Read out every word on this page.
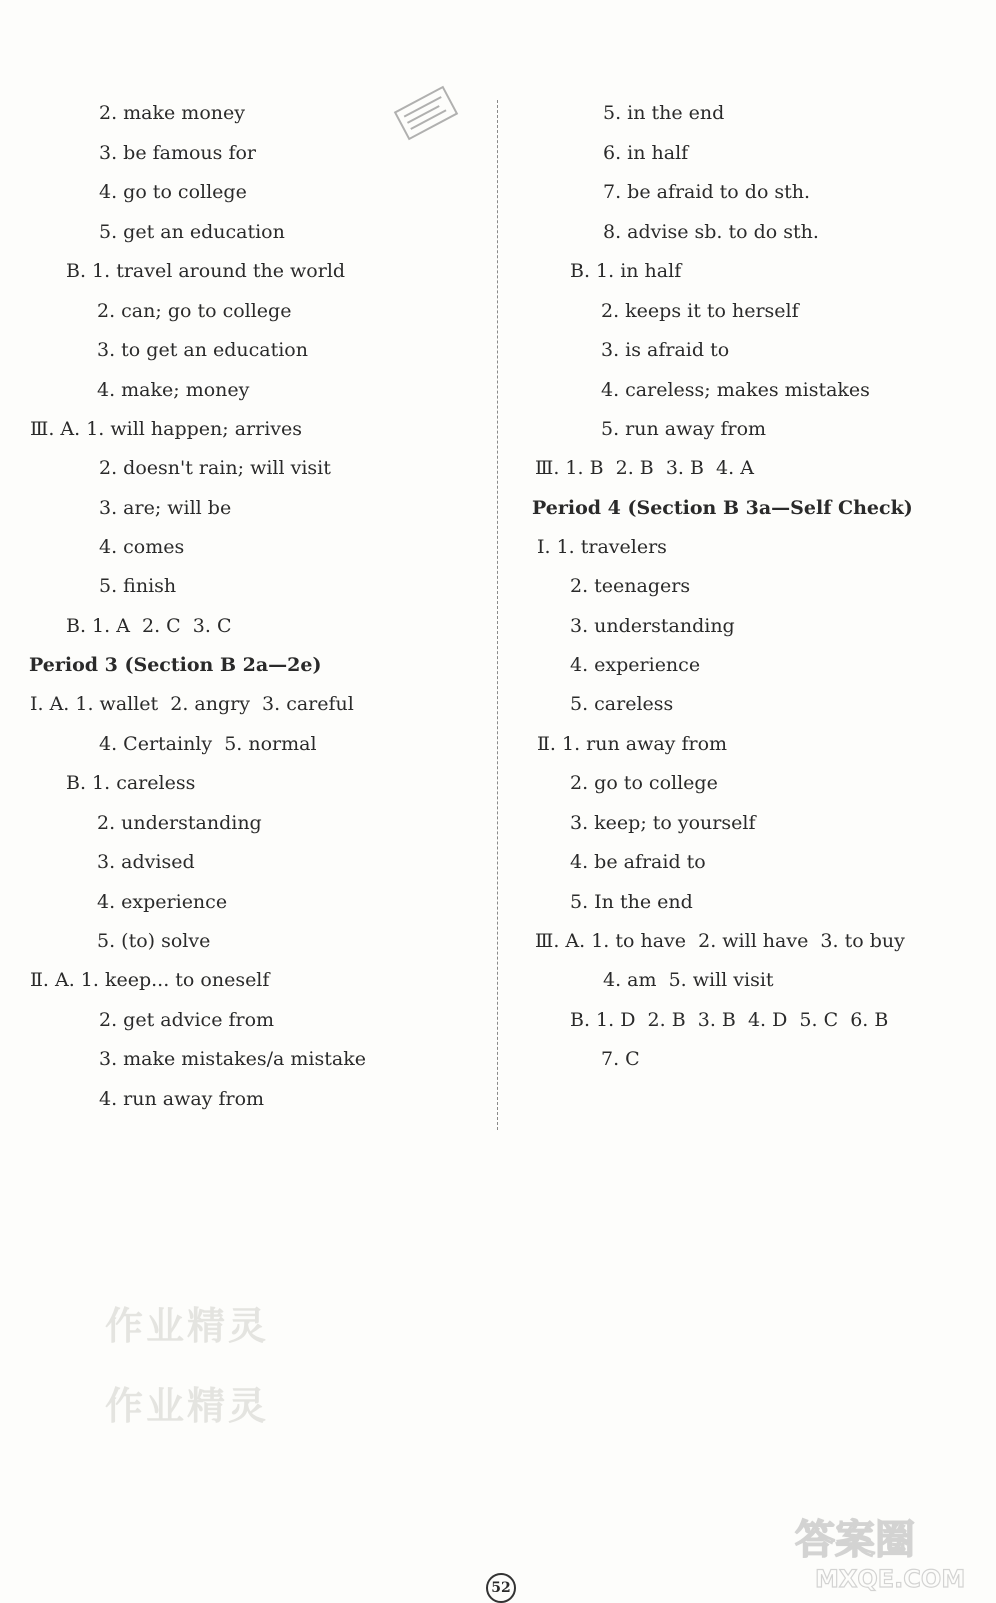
2. make money
3. be famous for
4. go to college
5. get an education
B. 1. travel around the world
2. can; go to college
3. to get an education
4. make; money
Ⅲ. A. 1. will happen; arrives
2. doesn't rain; will visit
3. are; will be
4. comes
5. finish
B. 1. A  2. C  3. C
Period 3 (Section B 2a—2e)
Ⅰ. A. 1. wallet  2. angry  3. careful
4. Certainly  5. normal
B. 1. careless
2. understanding
3. advised
4. experience
5. (to) solve
Ⅱ. A. 1. keep... to oneself
2. get advice from
3. make mistakes/a mistake
4. run away from
5. in the end
6. in half
7. be afraid to do sth.
8. advise sb. to do sth.
B. 1. in half
2. keeps it to herself
3. is afraid to
4. careless; makes mistakes
5. run away from
Ⅲ. 1. B  2. B  3. B  4. A
Period 4 (Section B 3a—Self Check)
Ⅰ. 1. travelers
2. teenagers
3. understanding
4. experience
5. careless
Ⅱ. 1. run away from
2. go to college
3. keep; to yourself
4. be afraid to
5. In the end
Ⅲ. A. 1. to have  2. will have  3. to buy
4. am  5. will visit
B. 1. D  2. B  3. B  4. D  5. C  6. B
7. C
作业精灵
作业精灵
答案圈
MXQE.COM
52
